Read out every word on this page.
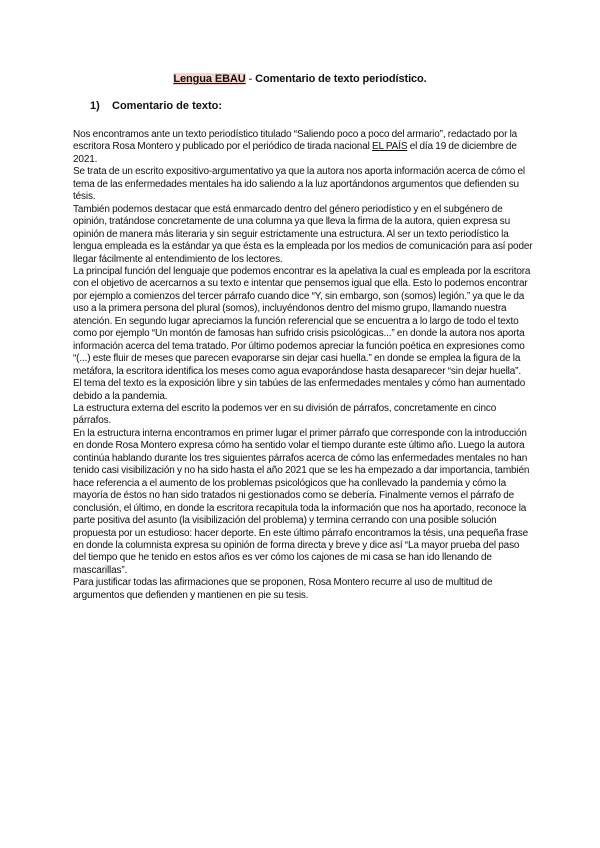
Lengua EBAU - Comentario de texto periodístico.
1) Comentario de texto:

Nos encontramos ante un texto periodístico titulado “Saliendo poco a poco del armario”, redactado por la escritora Rosa Montero y publicado por el periódico de tirada nacional EL PAÍS el día 19 de diciembre de 2021.

Se trata de un escrito expositivo-argumentativo ya que la autora nos aporta información acerca de cómo el tema de las enfermedades mentales ha ido saliendo a la luz aportándonos argumentos que defienden su tésis.

También podemos destacar que está enmarcado dentro del género periodístico y en el subgénero de opinión, tratándose concretamente de una columna ya que lleva la firma de la autora, quien expresa su opinión de manera más literaria y sin seguir estrictamente una estructura. Al ser un texto periodístico la lengua empleada es la estándar ya que ésta es la empleada por los medios de comunicación para así poder llegar fácilmente al entendimiento de los lectores.

La principal función del lenguaje que podemos encontrar es la apelativa la cual es empleada por la escritora con el objetivo de acercarnos a su texto e intentar que pensemos igual que ella. Esto lo podemos encontrar por ejemplo a comienzos del tercer párrafo cuando dice “Y, sin embargo, son (somos) legión.” ya que le da uso a la primera persona del plural (somos), incluyéndonos dentro del mismo grupo, llamando nuestra atención. En segundo lugar apreciamos la función referencial que se encuentra a lo largo de todo el texto como por ejemplo “Un montón de famosas han sufrido crisis psicológicas...” en donde la autora nos aporta información acerca del tema tratado. Por último podemos apreciar la función poética en expresiones como “(...) este fluir de meses que parecen evaporarse sin dejar casi huella.” en donde se emplea la figura de la metáfora, la escritora identifica los meses como agua evaporándose hasta desaparecer “sin dejar huella”.

El tema del texto es la exposición libre y sin tabúes de las enfermedades mentales y cómo han aumentado debido a la pandemia.

La estructura externa del escrito la podemos ver en su división de párrafos, concretamente en cinco párrafos.

En la estructura interna encontramos en primer lugar el primer párrafo que corresponde con la introducción en donde Rosa Montero expresa cómo ha sentido volar el tiempo durante este último año. Luego la autora continúa hablando durante los tres siguientes párrafos acerca de cómo las enfermedades mentales no han tenido casi visibilización y no ha sido hasta el año 2021 que se les ha empezado a dar importancia, también hace referencia a el aumento de los problemas psicológicos que ha conllevado la pandemia y cómo la mayoría de éstos no han sido tratados ni gestionados como se debería. Finalmente vemos el párrafo de conclusión, el último, en donde la escritora recapitula toda la información que nos ha aportado, reconoce la parte positiva del asunto (la visibilización del problema) y termina cerrando con una posible solución propuesta por un estudioso: hacer deporte. En este último párrafo encontramos la tésis, una pequeña frase en donde la columnista expresa su opinión de forma directa y breve y dice así “La mayor prueba del paso del tiempo que he tenido en estos años es ver cómo los cajones de mi casa se han ido llenando de mascarillas”.

Para justificar todas las afirmaciones que se proponen, Rosa Montero recurre al uso de multitud de argumentos que defienden y mantienen en pie su tesis.
